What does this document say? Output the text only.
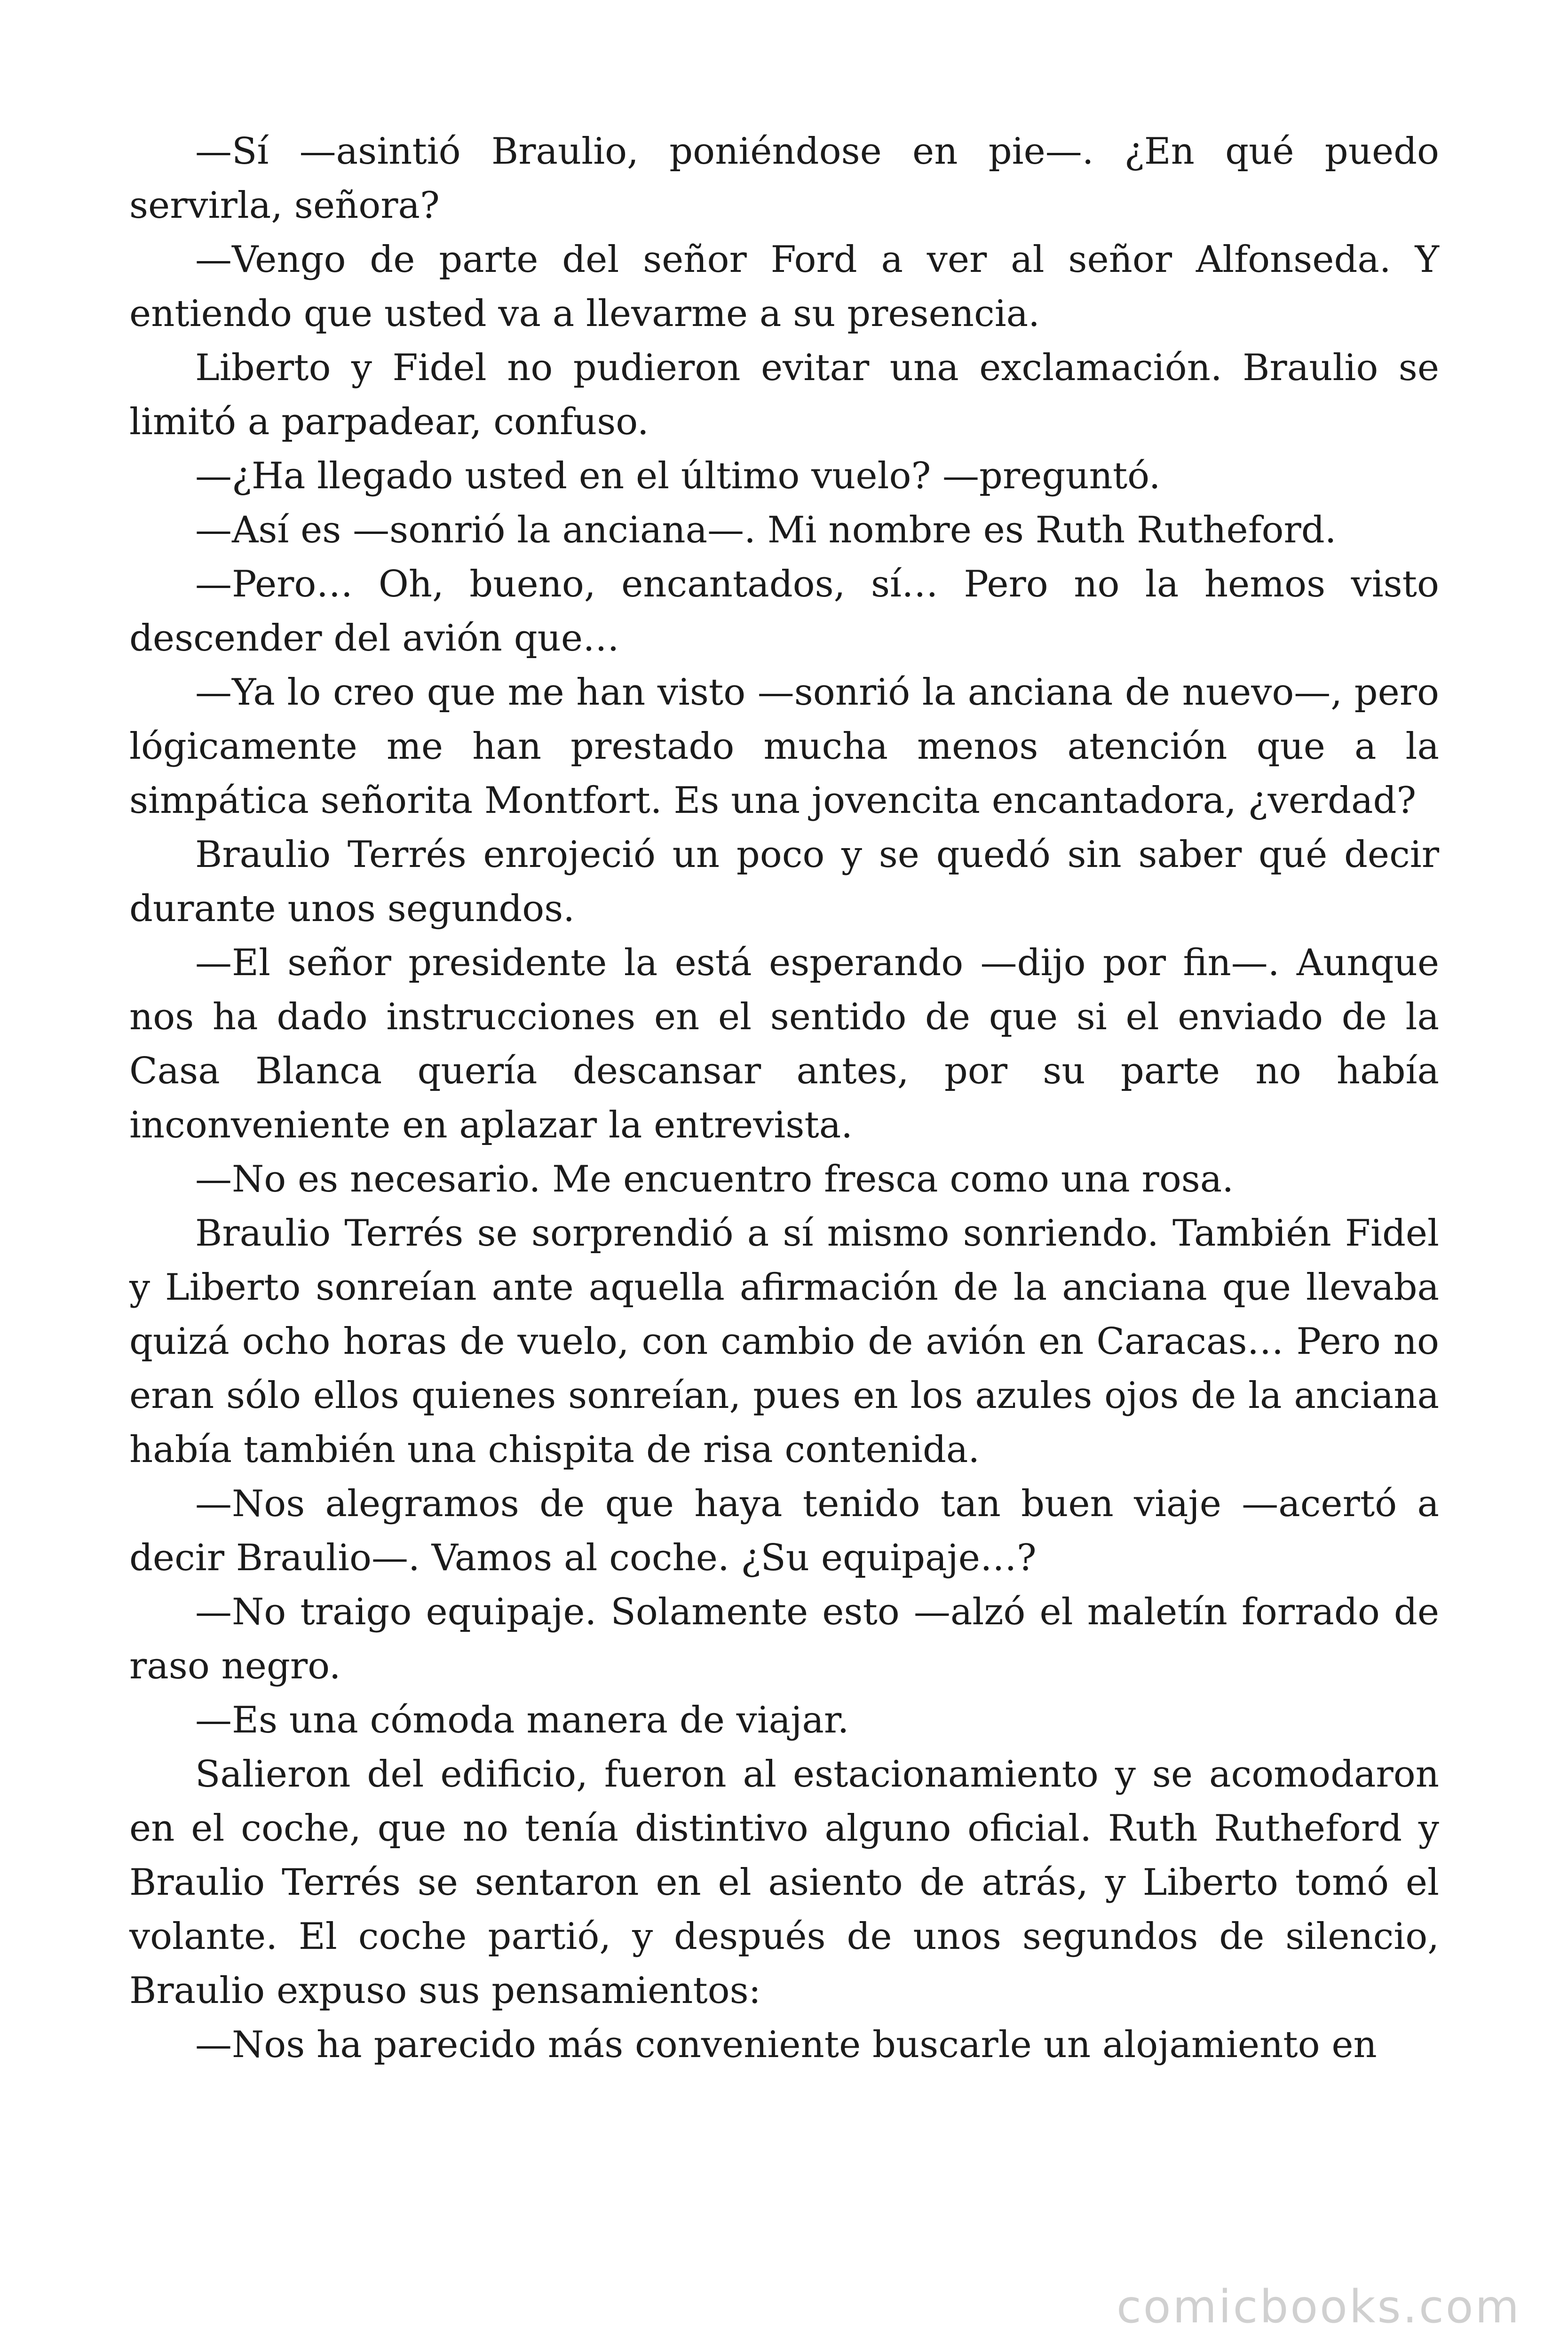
—Sí —asintió Braulio, poniéndose en pie—. ¿En qué puedo servirla, señora?

—Vengo de parte del señor Ford a ver al señor Alfonseda. Y entiendo que usted va a llevarme a su presencia.

Liberto y Fidel no pudieron evitar una exclamación. Braulio se limitó a parpadear, confuso.

—¿Ha llegado usted en el último vuelo? —preguntó.

—Así es —sonrió la anciana—. Mi nombre es Ruth Rutheford.

—Pero… Oh, bueno, encantados, sí… Pero no la hemos visto descender del avión que…

—Ya lo creo que me han visto —sonrió la anciana de nuevo—, pero lógicamente me han prestado mucha menos atención que a la simpática señorita Montfort. Es una jovencita encantadora, ¿verdad?

Braulio Terrés enrojeció un poco y se quedó sin saber qué decir durante unos segundos.

—El señor presidente la está esperando —dijo por fin—. Aunque nos ha dado instrucciones en el sentido de que si el enviado de la Casa Blanca quería descansar antes, por su parte no había inconveniente en aplazar la entrevista.

—No es necesario. Me encuentro fresca como una rosa.

Braulio Terrés se sorprendió a sí mismo sonriendo. También Fidel y Liberto sonreían ante aquella afirmación de la anciana que llevaba quizá ocho horas de vuelo, con cambio de avión en Caracas… Pero no eran sólo ellos quienes sonreían, pues en los azules ojos de la anciana había también una chispita de risa contenida.

—Nos alegramos de que haya tenido tan buen viaje —acertó a decir Braulio—. Vamos al coche. ¿Su equipaje…?

—No traigo equipaje. Solamente esto —alzó el maletín forrado de raso negro.

—Es una cómoda manera de viajar.

Salieron del edificio, fueron al estacionamiento y se acomodaron en el coche, que no tenía distintivo alguno oficial. Ruth Rutheford y Braulio Terrés se sentaron en el asiento de atrás, y Liberto tomó el volante. El coche partió, y después de unos segundos de silencio, Braulio expuso sus pensamientos:

—Nos ha parecido más conveniente buscarle un alojamiento en

comicbooks.com
